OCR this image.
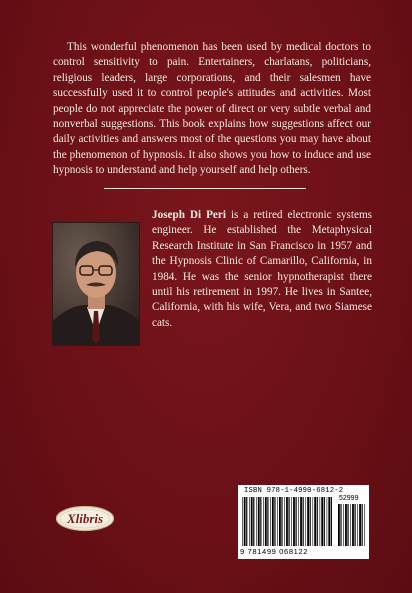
This wonderful phenomenon has been used by medical doctors to control sensitivity to pain. Entertainers, charlatans, politicians, religious leaders, large corporations, and their salesmen have successfully used it to control people's attitudes and activities. Most people do not appreciate the power of direct or very subtle verbal and nonverbal suggestions. This book explains how suggestions affect our daily activities and answers most of the questions you may have about the phenomenon of hypnosis. It also shows you how to induce and use hypnosis to understand and help yourself and help others.

Joseph Di Peri is a retired electronic systems engineer. He established the Metaphysical Research Institute in San Francisco in 1957 and the Hypnosis Clinic of Camarillo, California, in 1984. He was the senior hypnotherapist there until his retirement in 1997. He lives in Santee, California, with his wife, Vera, and two Siamese cats.

Xlibris
ISBN 978-1-4990-6812-2
52999
9 781499 068122
